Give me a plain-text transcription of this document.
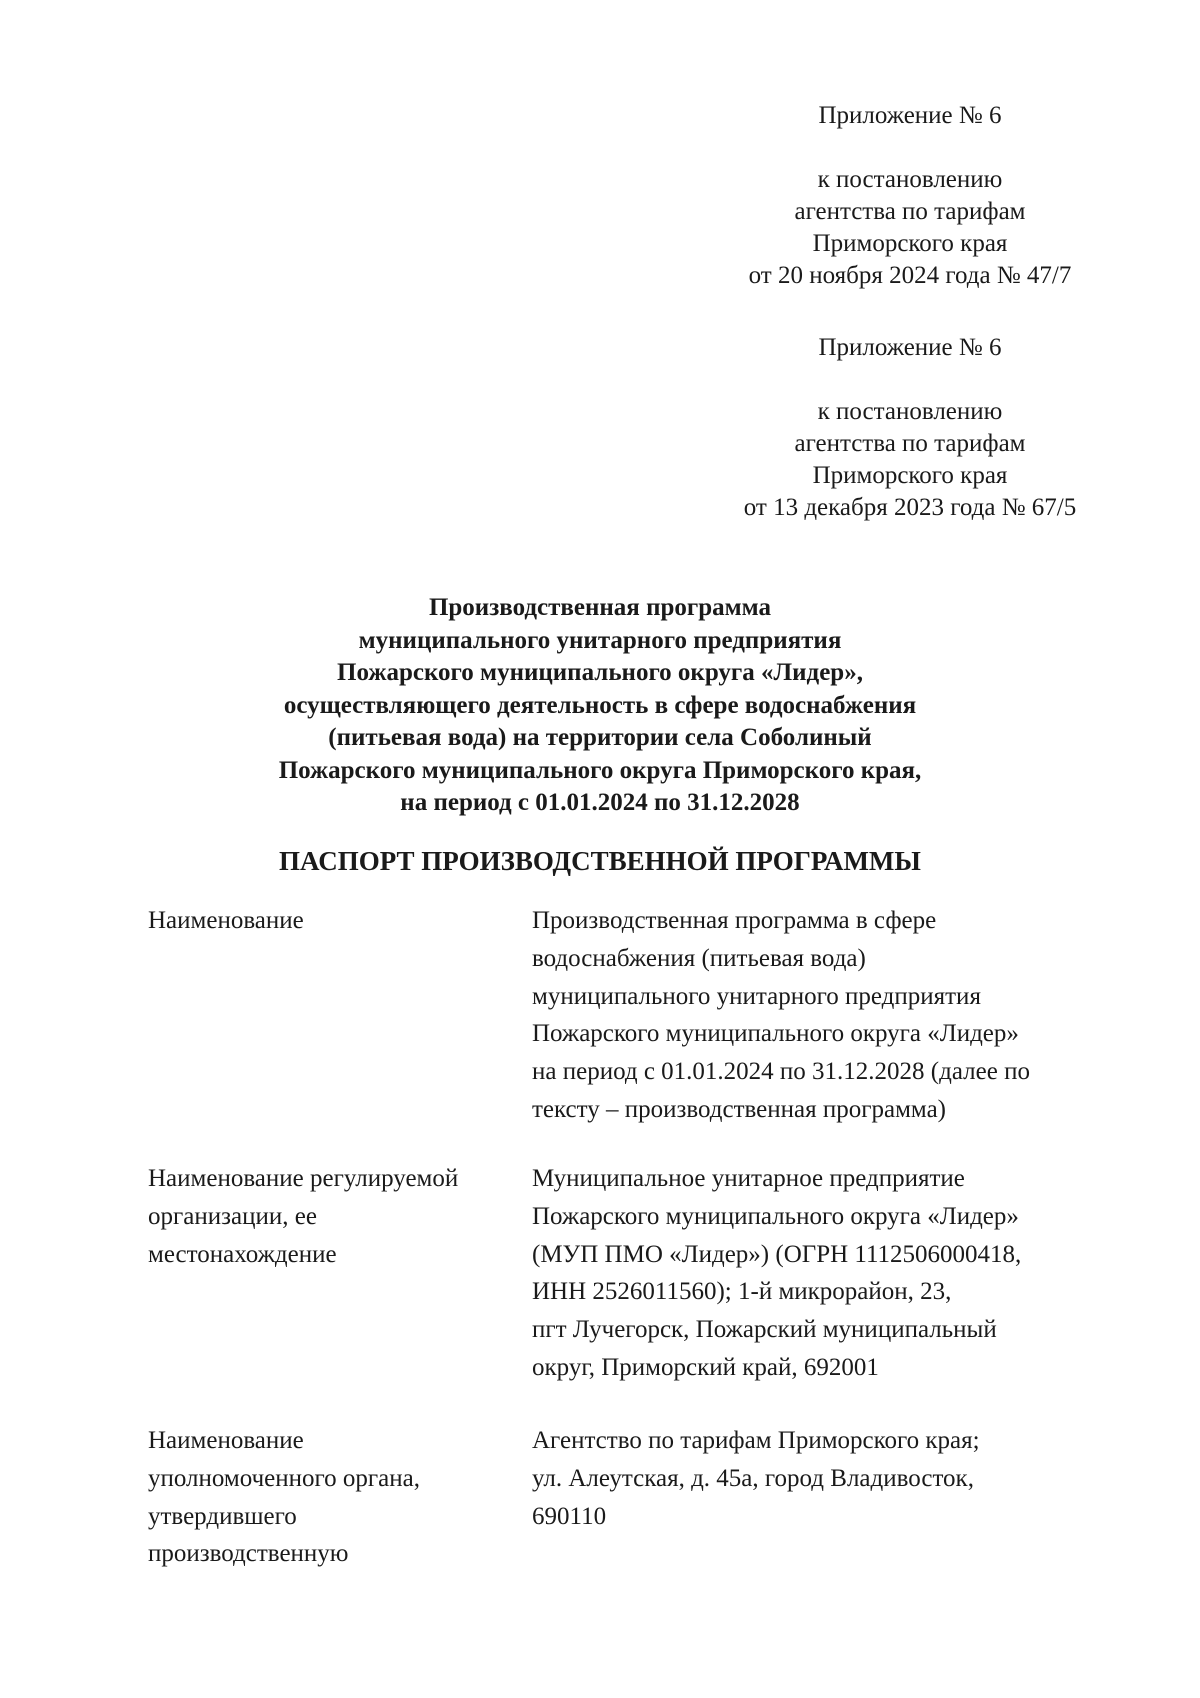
Приложение № 6
к постановлению
агентства по тарифам
Приморского края
от 20 ноября 2024 года № 47/7
Приложение № 6
к постановлению
агентства по тарифам
Приморского края
от 13 декабря 2023 года № 67/5
Производственная программа
муниципального унитарного предприятия
Пожарского муниципального округа «Лидер»,
осуществляющего деятельность в сфере водоснабжения
(питьевая вода) на территории села Соболиный
Пожарского муниципального округа Приморского края,
на период с 01.01.2024 по 31.12.2028
ПАСПОРТ ПРОИЗВОДСТВЕННОЙ ПРОГРАММЫ
Наименование	Производственная программа в сфере
водоснабжения (питьевая вода)
муниципального унитарного предприятия
Пожарского муниципального округа «Лидер»
на период с 01.01.2024 по 31.12.2028 (далее по
тексту – производственная программа)
Наименование регулируемой
организации, ее
местонахождение
Муниципальное унитарное предприятие
Пожарского муниципального округа «Лидер»
(МУП ПМО «Лидер») (ОГРН 1112506000418,
ИНН 2526011560); 1-й микрорайон, 23,
пгт Лучегорск, Пожарский муниципальный
округ, Приморский край, 692001
Наименование
уполномоченного органа,
утвердившего
производственную
Агентство по тарифам Приморского края;
ул. Алеутская, д. 45а, город Владивосток,
690110
